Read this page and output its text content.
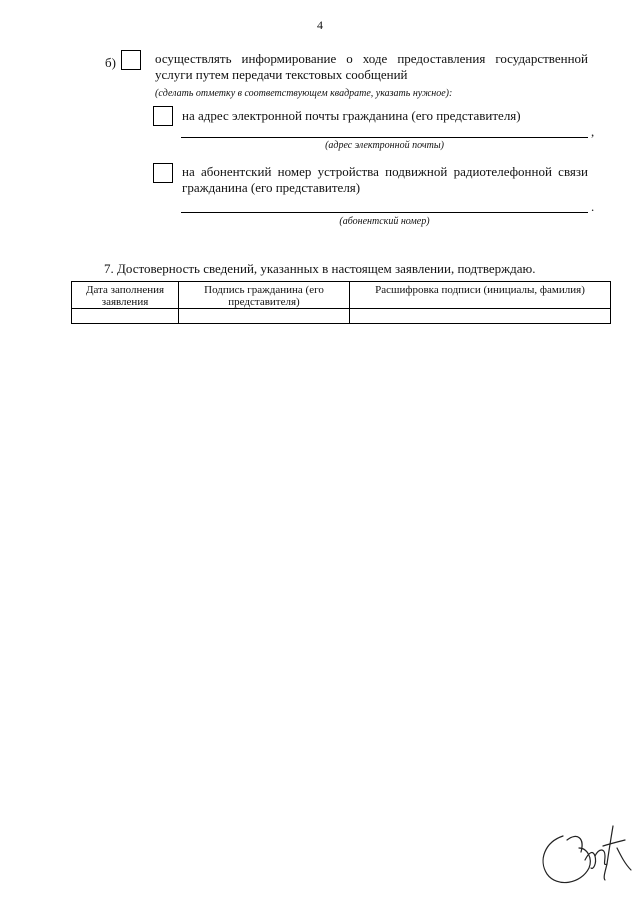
4
б)	осуществлять информирование о ходе предоставления государственной услуги путем передачи текстовых сообщений
(сделать отметку в соответствующем квадрате, указать нужное):
на адрес электронной почты гражданина (его представителя)
,
(адрес электронной почты)
на абонентский номер устройства подвижной радиотелефонной связи гражданина (его представителя)
.
(абонентский номер)
7. Достоверность сведений, указанных в настоящем заявлении, подтверждаю.
Дата заполнения заявления	Подпись гражданина (его представителя)	Расшифровка подписи (инициалы, фамилия)
